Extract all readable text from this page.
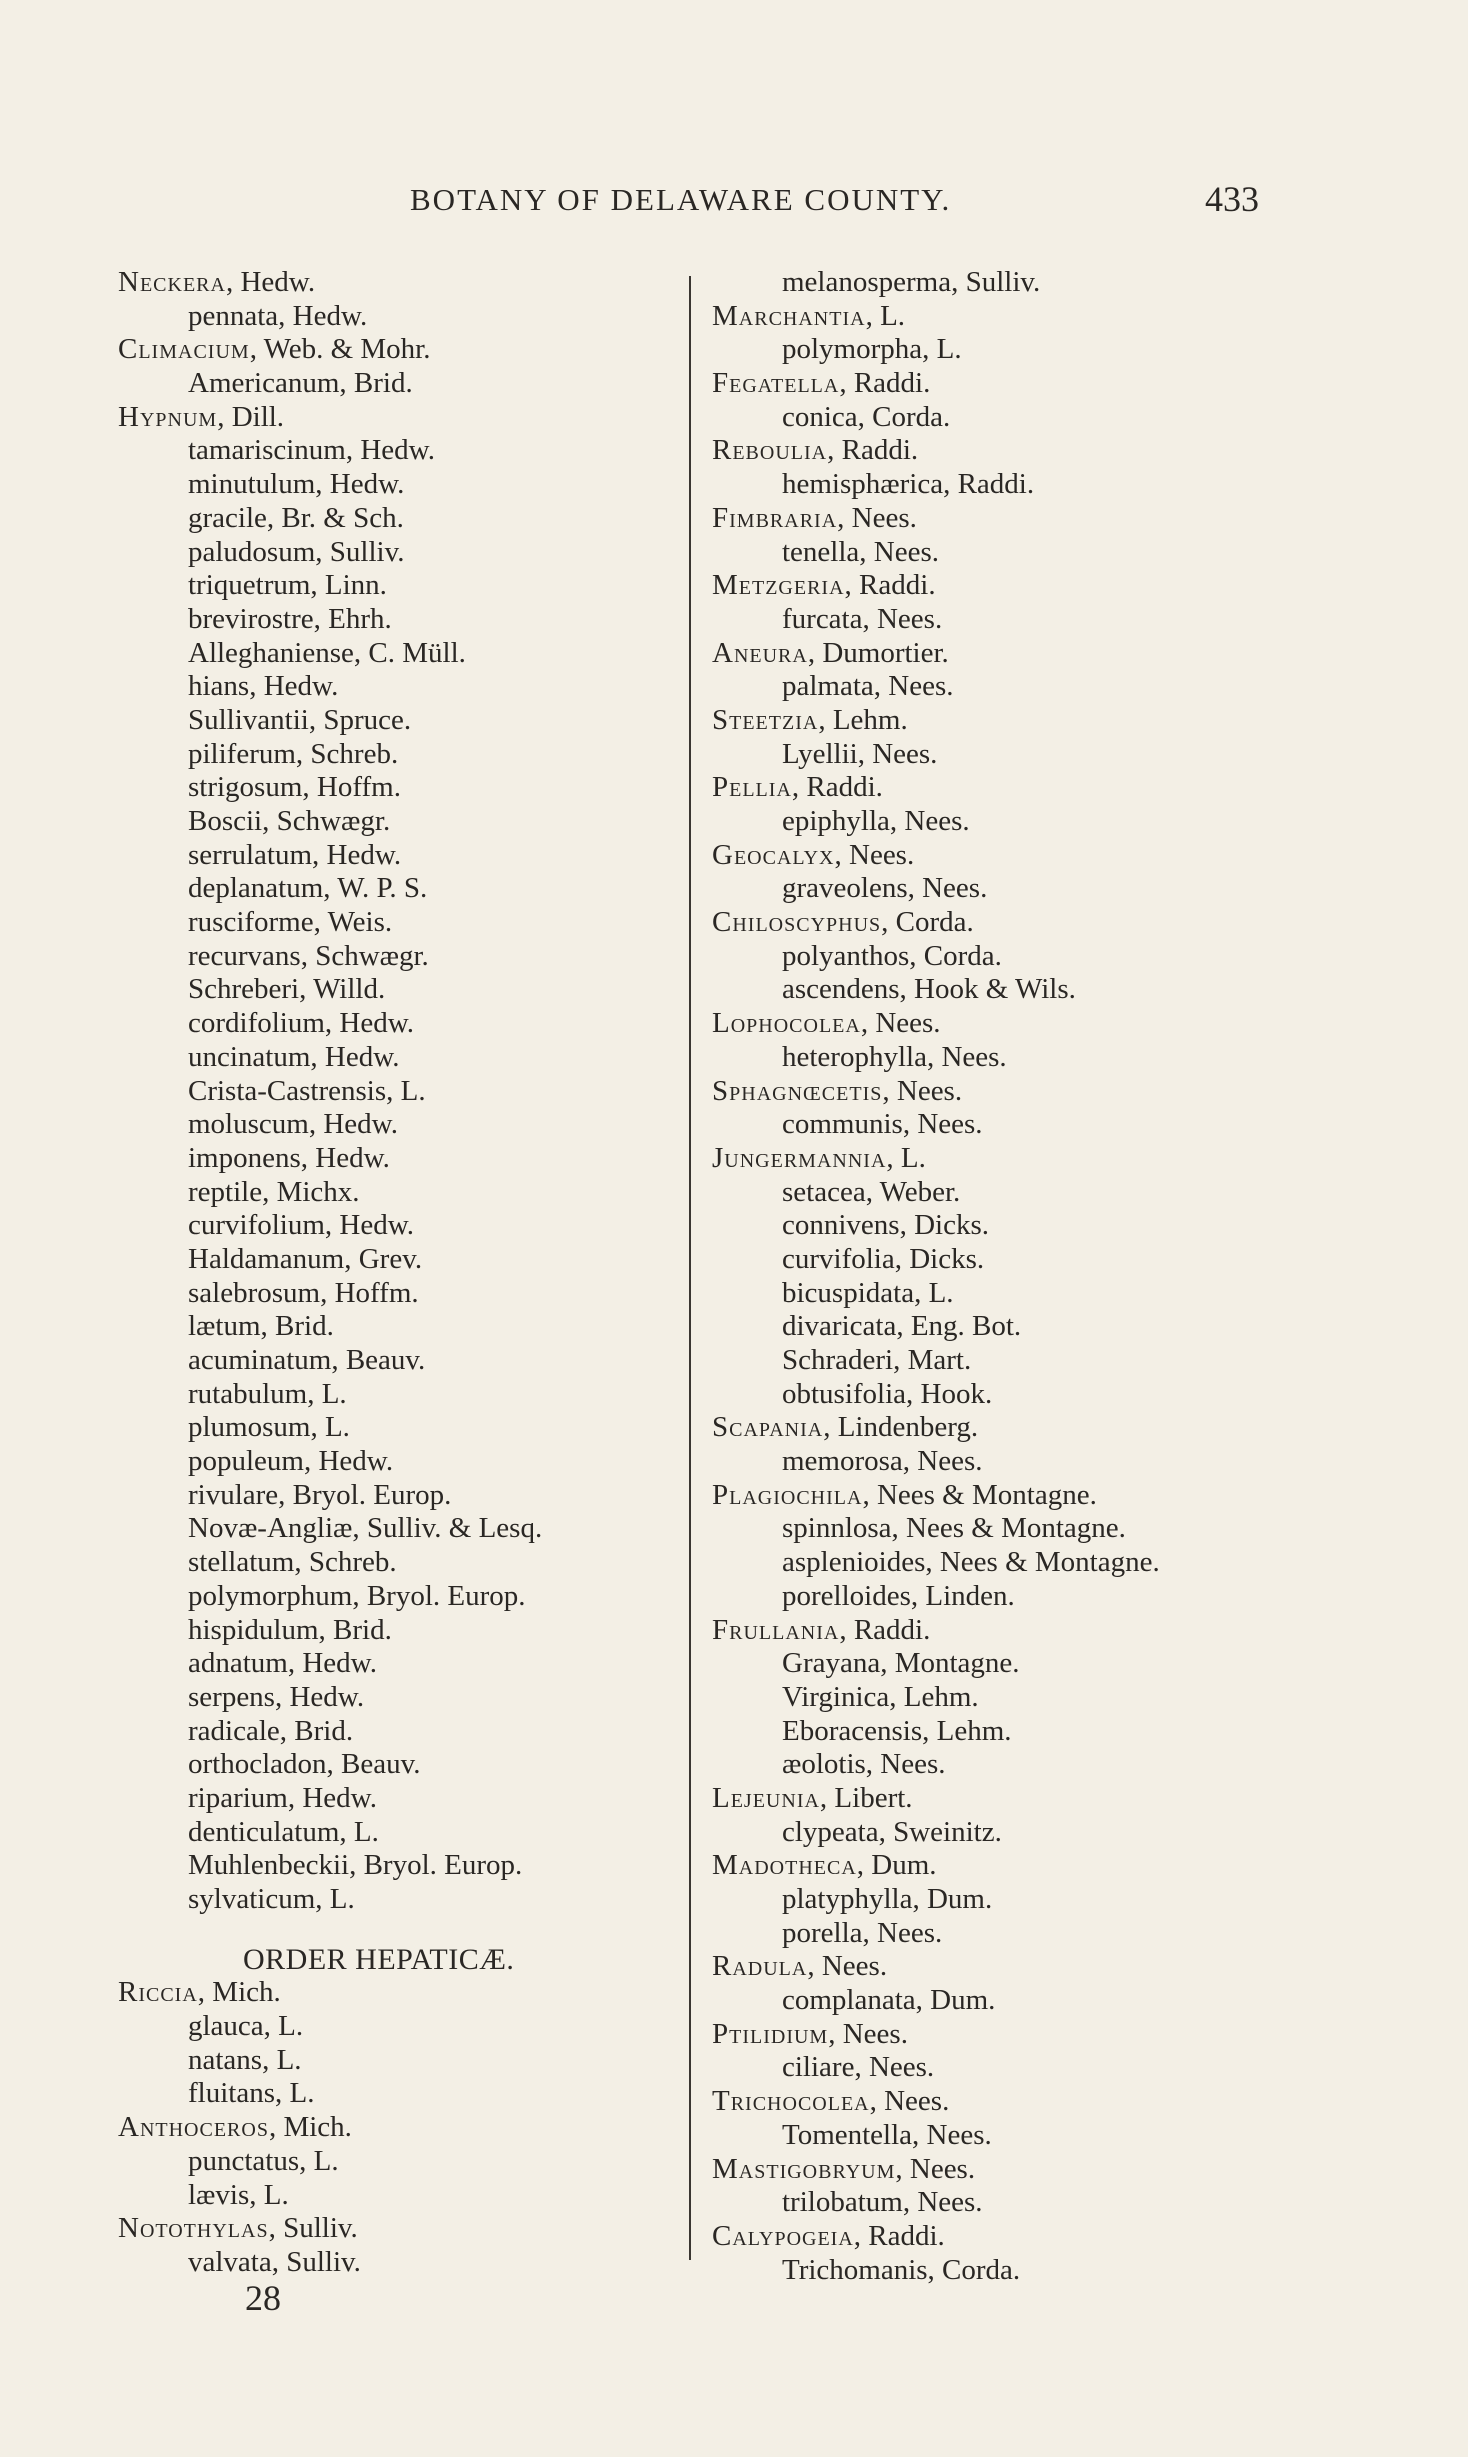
BOTANY OF DELAWARE COUNTY.	433
Neckera, Hedw.
pennata, Hedw.
Climacium, Web. & Mohr.
Americanum, Brid.
Hypnum, Dill.
tamariscinum, Hedw.
minutulum, Hedw.
gracile, Br. & Sch.
paludosum, Sulliv.
triquetrum, Linn.
brevirostre, Ehrh.
Alleghaniense, C. Müll.
hians, Hedw.
Sullivantii, Spruce.
piliferum, Schreb.
strigosum, Hoffm.
Boscii, Schwægr.
serrulatum, Hedw.
deplanatum, W. P. S.
rusciforme, Weis.
recurvans, Schwægr.
Schreberi, Willd.
cordifolium, Hedw.
uncinatum, Hedw.
Crista-Castrensis, L.
moluscum, Hedw.
imponens, Hedw.
reptile, Michx.
curvifolium, Hedw.
Haldamanum, Grev.
salebrosum, Hoffm.
lætum, Brid.
acuminatum, Beauv.
rutabulum, L.
plumosum, L.
populeum, Hedw.
rivulare, Bryol. Europ.
Novæ-Angliæ, Sulliv. & Lesq.
stellatum, Schreb.
polymorphum, Bryol. Europ.
hispidulum, Brid.
adnatum, Hedw.
serpens, Hedw.
radicale, Brid.
orthocladon, Beauv.
riparium, Hedw.
denticulatum, L.
Muhlenbeckii, Bryol. Europ.
sylvaticum, L.
ORDER HEPATICÆ.
Riccia, Mich.
glauca, L.
natans, L.
fluitans, L.
Anthoceros, Mich.
punctatus, L.
lævis, L.
Notothylas, Sulliv.
valvata, Sulliv.
melanosperma, Sulliv.
Marchantia, L.
polymorpha, L.
Fegatella, Raddi.
conica, Corda.
Reboulia, Raddi.
hemisphærica, Raddi.
Fimbraria, Nees.
tenella, Nees.
Metzgeria, Raddi.
furcata, Nees.
Aneura, Dumortier.
palmata, Nees.
Steetzia, Lehm.
Lyellii, Nees.
Pellia, Raddi.
epiphylla, Nees.
Geocalyx, Nees.
graveolens, Nees.
Chiloscyphus, Corda.
polyanthos, Corda.
ascendens, Hook & Wils.
Lophocolea, Nees.
heterophylla, Nees.
Sphagnœcetis, Nees.
communis, Nees.
Jungermannia, L.
setacea, Weber.
connivens, Dicks.
curvifolia, Dicks.
bicuspidata, L.
divaricata, Eng. Bot.
Schraderi, Mart.
obtusifolia, Hook.
Scapania, Lindenberg.
memorosa, Nees.
Plagiochila, Nees & Montagne.
spinnlosa, Nees & Montagne.
asplenioides, Nees & Montagne.
porelloides, Linden.
Frullania, Raddi.
Grayana, Montagne.
Virginica, Lehm.
Eboracensis, Lehm.
æolotis, Nees.
Lejeunia, Libert.
clypeata, Sweinitz.
Madotheca, Dum.
platyphylla, Dum.
porella, Nees.
Radula, Nees.
complanata, Dum.
Ptilidium, Nees.
ciliare, Nees.
Trichocolea, Nees.
Tomentella, Nees.
Mastigobryum, Nees.
trilobatum, Nees.
Calypogeia, Raddi.
Trichomanis, Corda.
28
